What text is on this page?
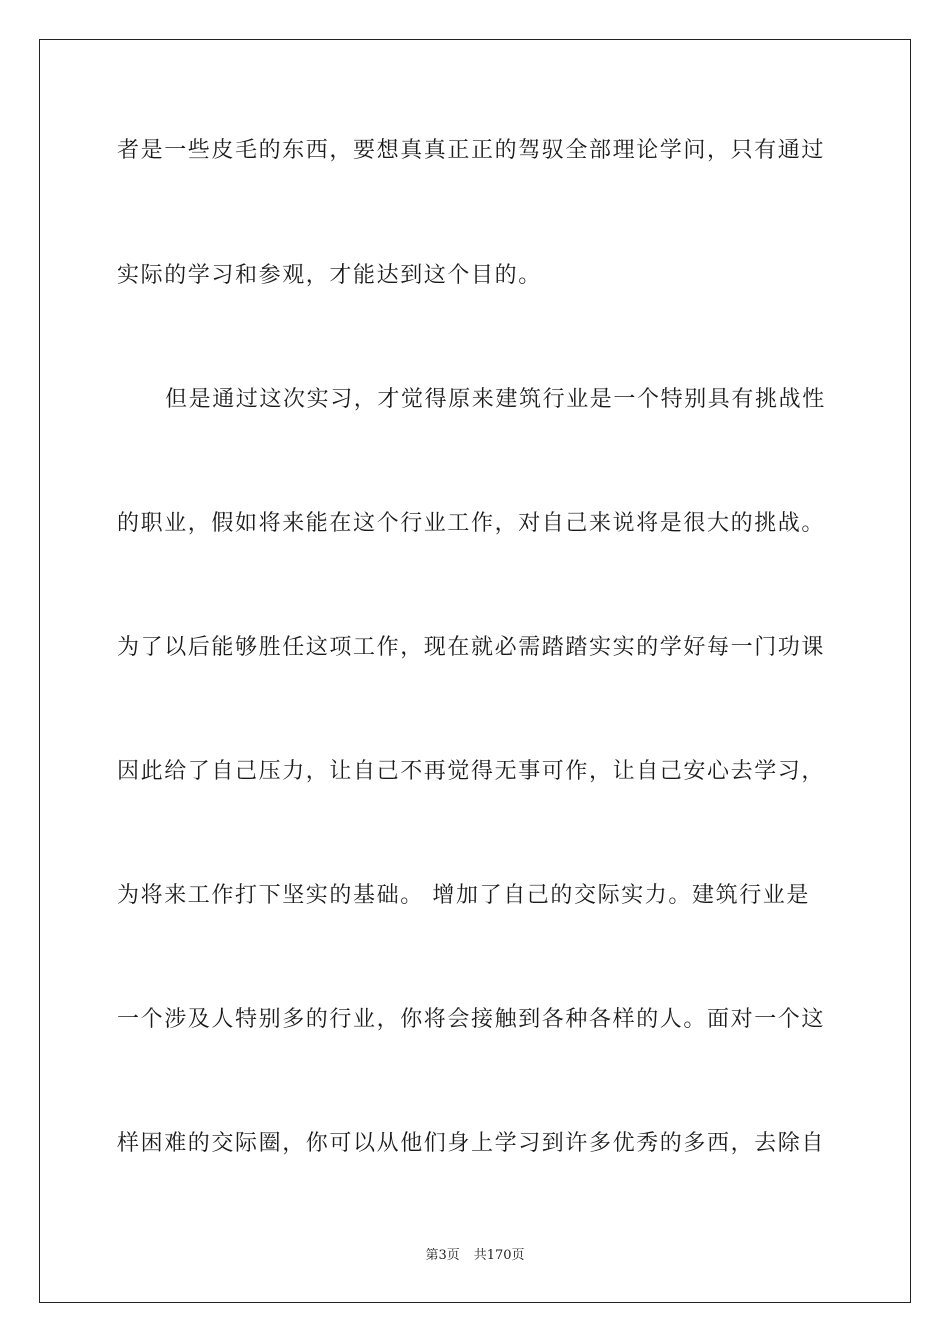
者是一些皮毛的东西，要想真真正正的驾驭全部理论学问，只有通过
实际的学习和参观，才能达到这个目的。
但是通过这次实习，才觉得原来建筑行业是一个特别具有挑战性
的职业，假如将来能在这个行业工作，对自己来说将是很大的挑战。
为了以后能够胜任这项工作，现在就必需踏踏实实的学好每一门功课
因此给了自己压力，让自己不再觉得无事可作，让自己安心去学习，
为将来工作打下坚实的基础。 增加了自己的交际实力。建筑行业是
一个涉及人特别多的行业，你将会接触到各种各样的人。面对一个这
样困难的交际圈，你可以从他们身上学习到许多优秀的多西，去除自
第3页 共170页
